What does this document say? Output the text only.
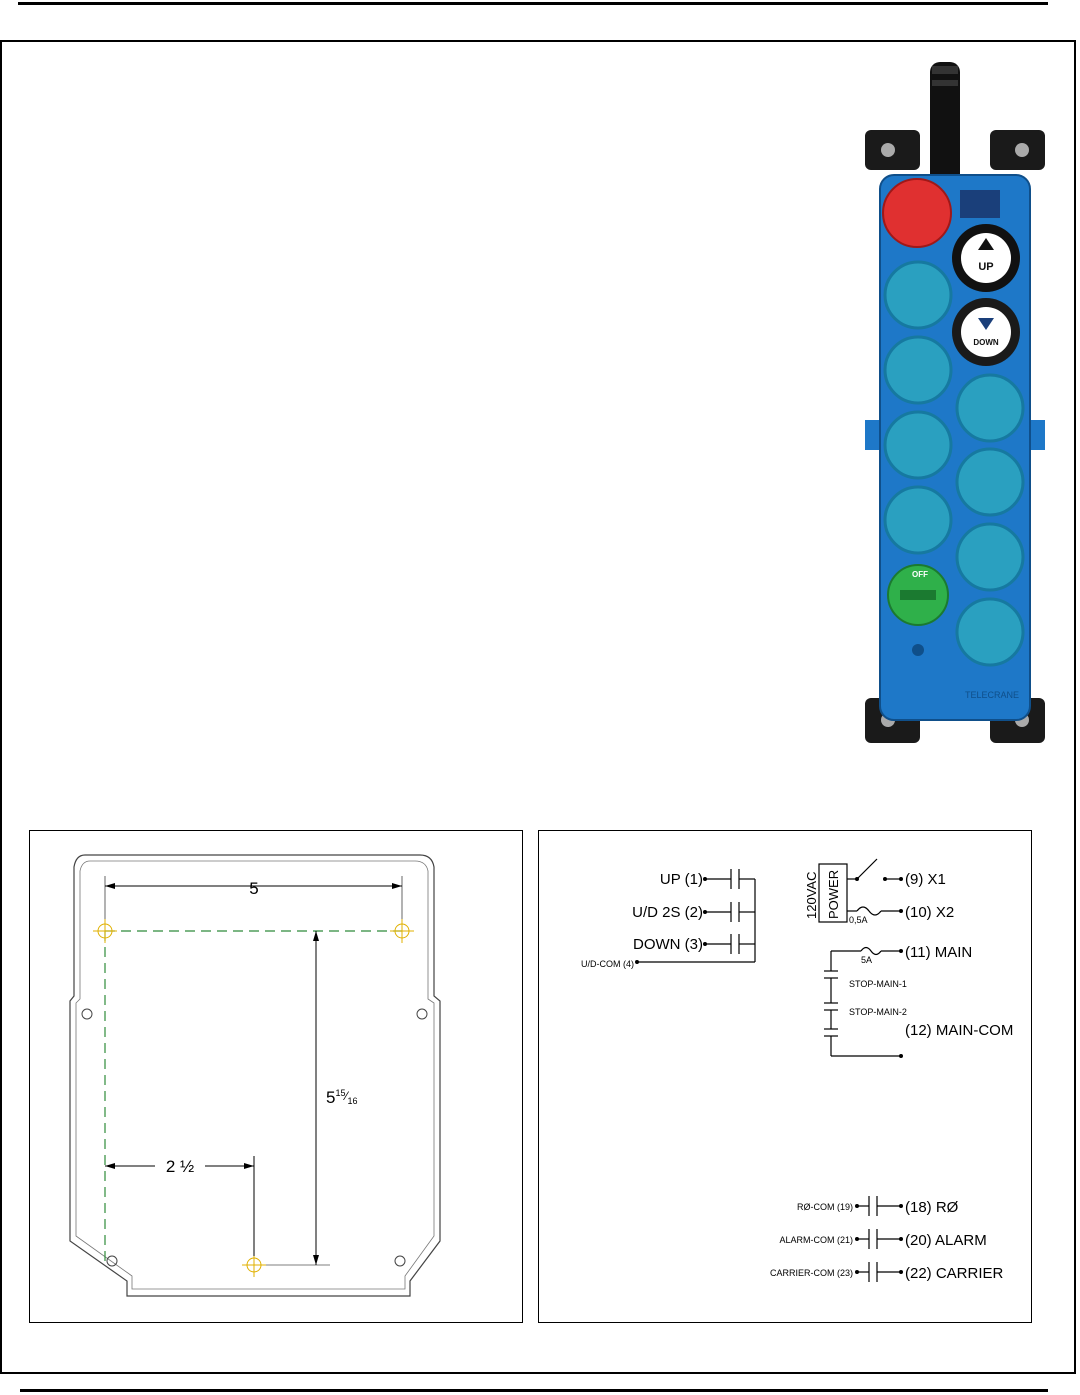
UP
DOWN
OFF
TELECRANE
5
$5^{15}_{⁄16}$
2 ½
UP (1)
U/D 2S (2)
DOWN (3)
U/D-COM (4)
POWER
120VAC	(9) X1
(10) X2
0,5A
5A (11) MAIN
STOP-MAIN-1
STOP-MAIN-2
(12) MAIN-COM
RØ-COM (19)	(18) RØ
ALARM-COM (21)	(20) ALARM
CARRIER-COM (23)	(22) CARRIER
